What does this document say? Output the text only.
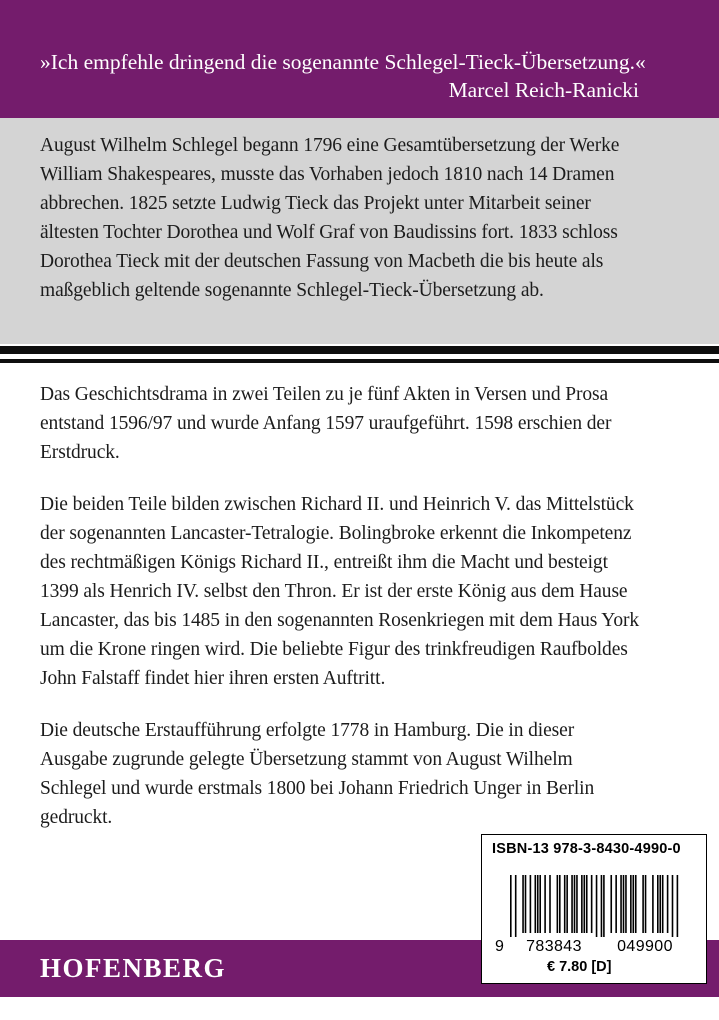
»Ich empfehle dringend die sogenannte Schlegel-Tieck-Übersetzung.«
Marcel Reich-Ranicki
August Wilhelm Schlegel begann 1796 eine Gesamtübersetzung der Werke
William Shakespeares, musste das Vorhaben jedoch 1810 nach 14 Dramen
abbrechen. 1825 setzte Ludwig Tieck das Projekt unter Mitarbeit seiner
ältesten Tochter Dorothea und Wolf Graf von Baudissins fort. 1833 schloss
Dorothea Tieck mit der deutschen Fassung von Macbeth die bis heute als
maßgeblich geltende sogenannte Schlegel-Tieck-Übersetzung ab.
Das Geschichtsdrama in zwei Teilen zu je fünf Akten in Versen und Prosa
entstand 1596/97 und wurde Anfang 1597 uraufgeführt. 1598 erschien der
Erstdruck.
Die beiden Teile bilden zwischen Richard II. und Heinrich V. das Mittelstück
der sogenannten Lancaster-Tetralogie. Bolingbroke erkennt die Inkompetenz
des rechtmäßigen Königs Richard II., entreißt ihm die Macht und besteigt
1399 als Henrich IV. selbst den Thron. Er ist der erste König aus dem Hause
Lancaster, das bis 1485 in den sogenannten Rosenkriegen mit dem Haus York
um die Krone ringen wird. Die beliebte Figur des trinkfreudigen Raufboldes
John Falstaff findet hier ihren ersten Auftritt.
Die deutsche Erstaufführung erfolgte 1778 in Hamburg. Die in dieser
Ausgabe zugrunde gelegte Übersetzung stammt von August Wilhelm
Schlegel und wurde erstmals 1800 bei Johann Friedrich Unger in Berlin
gedruckt.
HOFENBERG
ISBN-13 978-3-8430-4990-0
9 783843 049900
€ 7.80 [D]
